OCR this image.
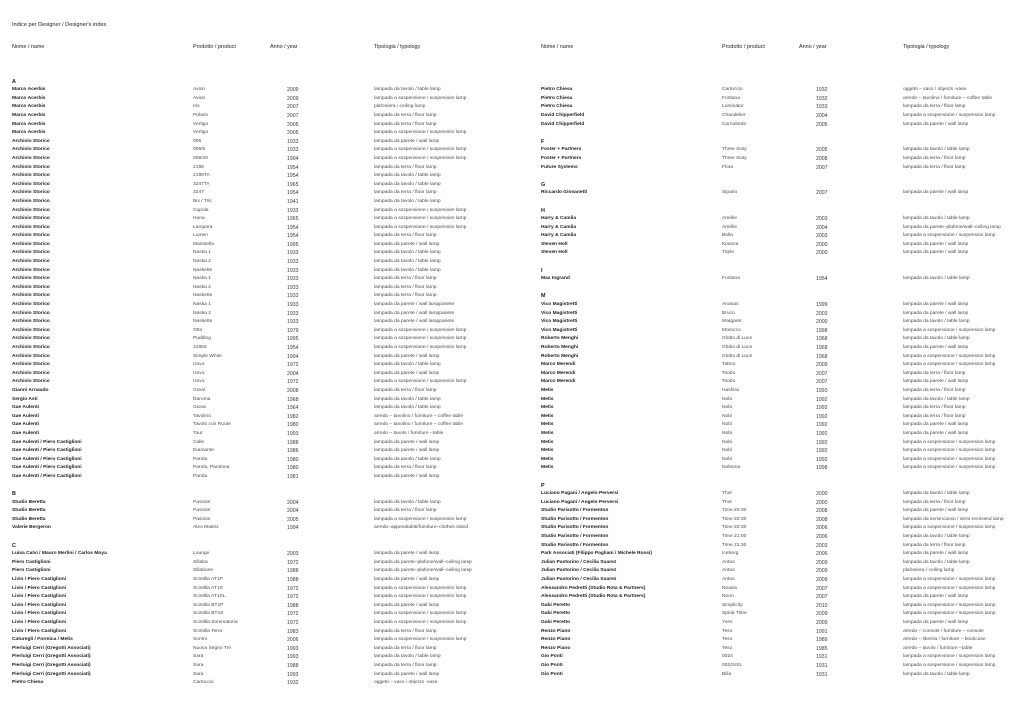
Indice per Designer / Designer's index
Nome / name	Prodotto / product	Anno / year	Tipologia / typology	Nome / name	Prodotto / product	Anno / year	Tipologia / typology
A
Marco Acerbis	Avion	2009	lampada da tavolo / table lamp
Marco Acerbis	Avion	2009	lampada a sospensione / suspension lamp
Marco Acerbis	Iris	2007	plafoniera / ceiling lamp
Marco Acerbis	Polaris	2007	lampada da terra / floor lamp
Marco Acerbis	Vertigo	2005	lampada da terra / floor lamp
Marco Acerbis	Vertigo	2005	lampada a sospensione / suspension lamp
Archivio Storico	006	1933	lampada da parete / wall lamp
Archivio Storico	006/5	1933	lampada a sospensione / suspension lamp
Archivio Storico	006/20	1994	lampada a sospensione / suspension lamp
Archivio Storico	2198	1954	lampada da terra / floor lamp
Archivio Storico	2198TA	1954	lampada da tavolo / table lamp
Archivio Storico	3247TA	1965	lampada da tavolo / table lamp
Archivio Storico	3247	1954	lampada da terra / floor lamp
Archivio Storico	Bis / Tris	1941	lampada da tavolo / table lamp
Archivio Storico	Cupola	1933	lampada a sospensione / suspension lamp
Archivio Storico	Huna	1965	lampada a sospensione / suspension lamp
Archivio Storico	Lampara	1954	lampada a sospensione / suspension lamp
Archivio Storico	Lumen	1954	lampada da terra / floor lamp
Archivio Storico	Maristella	1995	lampada da parete / wall lamp
Archivio Storico	Naska 1	1933	lampada da tavolo / table lamp
Archivio Storico	Naska 2	1933	lampada da tavolo / table lamp
Archivio Storico	Naskette	1933	lampada da tavolo / table lamp
Archivio Storico	Naska 1	1933	lampada da terra / floor lamp
Archivio Storico	Naska 2	1933	lampada da terra / floor lamp
Archivio Storico	Naskette	1933	lampada da terra / floor lamp
Archivio Storico	Naska 1	1933	lampada da parete / wall lamppariete
Archivio Storico	Naska 2	1933	lampada da parete / wall lamppariete
Archivio Storico	Naskette	1933	lampada da parete / wall lamppariete
Archivio Storico	Otto	1979	lampada a sospensione / suspension lamp
Archivio Storico	Pudding	1995	lampada a sospensione / suspension lamp
Archivio Storico	31853	1954	lampada a sospensione / suspension lamp
Archivio Storico	Simple White	1994	lampada da parete / wall lamp
Archivio Storico	Uovo	1972	lampada da tavolo / table lamp
Archivio Storico	Uovo	2004	lampada da parete / wall lamp
Archivio Storico	Uovo	1972	lampada a sospensione / suspension lamp
Gianni Arnaudo	Greal	2008	lampada da terra / floor lamp
Sergio Asti	Daruma	1968	lampada da tavolo / table lamp
Gae Aulenti	Giova	1964	lampada da tavolo / table lamp
Gae Aulenti	Tavolino	1982	arredo – tavolino / furniture – coffee table
Gae Aulenti	Tavolo con Ruote	1980	arredo – tavolino / furniture – coffee table
Gae Aulenti	Tour	1993	arredo – tavolo / furniture –table
Gae Aulenti / Piero Castiglioni	Calle	1988	lampada da parete / wall lamp
Gae Aulenti / Piero Castiglioni	Diamante	1986	lampada da parete / wall lamp
Gae Aulenti / Piero Castiglioni	Parola	1980	lampada da tavolo / table lamp
Gae Aulenti / Piero Castiglioni	Parola, Parolona	1980	lampada da terra / floor lamp
Gae Aulenti / Piero Castiglioni	Parola	1981	lampada da parete / wall lamp
B
Studio Beretta	Passion	2004	lampada da tavolo / table lamp
Studio Beretta	Passion	2004	lampada da terra / floor lamp
Studio Beretta	Passion	2005	lampada a sospensione / suspension lamp
Valerie Bergeron	Aleo Mateix	1994	arredo–appendiabiti/furniture–clothes stand
C
Luisa Calvi / Mauro Merlini / Carlos Moya	Lounge	2003	lampada da parete / wall lamp
Piero Castiglioni	Sillaba	1972	lampada da parete–plafone/wall–ceiling lamp
Piero Castiglioni	Sillabone	1988	lampada da parete–plafone/wall–ceiling lamp
Livio / Piero Castiglioni	Scintilla AT1P	1988	lampada da parete / wall lamp
Livio / Piero Castiglioni	Scintilla AT1S	1972	lampada a sospensione / suspension lamp
Livio / Piero Castiglioni	Scintilla AT1SL	1972	lampada a sospensione / suspension lamp
Livio / Piero Castiglioni	Scintilla BT1P	1988	lampada da parete / wall lamp
Livio / Piero Castiglioni	Scintilla BT1S	1972	lampada a sospensione / suspension lamp
Livio / Piero Castiglioni	Scintilla Sommatoria	1972	lampada a sospensione / suspension lamp
Livio / Piero Castiglioni	Scintilla Terra	1983	lampada da terra / floor lamp
Caturegli / Formica / Metis	Sonmi	2006	lampada a sospensione / suspension lamp
Pierluigi Cerri (Gregotti Associati)	Nuova Segno Tre	1993	lampada da terra / floor lamp
Pierluigi Cerri (Gregotti Associati)	Sara	1993	lampada da tavolo / table lamp
Pierluigi Cerri (Gregotti Associati)	Sara	1988	lampada da terra / floor lamp
Pierluigi Cerri (Gregotti Associati)	Sara	1993	lampada da parete / wall lamp
Pietro Chiesa	Cartoccio	1932	oggetti – vaso / objects -vase
Pietro Chiesa	Cartoccio	1932	oggetti – vaso / objects -vase
Pietro Chiesa	Fontana	1932	arredo – tavolino / furniture – coffee table
Pietro Chiesa	Luminator	1933	lampada da terra / floor lamp
David Chipperfield	Chandelier	2004	lampada a sospensione / suspension lamp
David Chipperfield	Cornubedo	2005	lampada da parete / wall lamp
F
Foster + Partners	Three Sixty	2005	lampada da tavolo / table lamp
Foster + Partners	Three Sixty	2008	lampada da terra / floor lamp
Future Systems	Flora	2007	lampada da terra / floor lamp
G
Riccardo Giovanetti	Sipario	2007	lampada da parete / wall lamp
H
Harry & Camila	Amélie	2003	lampada da tavolo / table lamp
Harry & Camila	Amélie	2004	lampada da parete–plafone/wall–ceiling lamp
Harry & Camila	Bolla	2003	lampada a sospensione / suspension lamp
Steven Holl	Kiasma	2000	lampada da parete / wall lamp
Steven Holl	Triple	2000	lampada da parete / wall lamp
I
Max Ingrand	Fontana	1954	lampada da tavolo / table lamp
M
Vico Magistretti	Ananas	1999	lampada da parete / wall lamp
Vico Magistretti	Bruco	2003	lampada da parete / wall lamp
Vico Magistretti	Margaret	2000	lampada da tavolo / table lamp
Vico Magistretti	Morocco	1998	lampada a sospensione / suspension lamp
Roberto Menghi	Globo di Luce	1968	lampada da tavolo / table lamp
Roberto Menghi	Globo di Luce	1968	lampada da parete / wall lamp
Roberto Menghi	Globo di Luce	1968	lampada a sospensione / suspension lamp
Marco Merendi	Tattoo	2009	lampada a sospensione / suspension lamp
Marco Merendi	Toobo	2007	lampada da terra / floor lamp
Marco Merendi	Toobo	2007	lampada da parete / wall lamp
Metis	Hashira	1993	lampada da terra / floor lamp
Metis	Nobi	1992	lampada da tavolo / table lamp
Metis	Nobi	1992	lampada da terra / floor lamp
Metis	Nobi	1992	lampada da terra / floor lamp
Metis	Nobi	1992	lampada da parete / wall lamp
Metis	Nobi	1992	lampada da parete / wall lamp
Metis	Nobi	1992	lampada a sospensione / suspension lamp
Metis	Nobi	1992	lampada a sospensione / suspension lamp
Metis	Nobi	1992	lampada a sospensione / suspension lamp
Metis	Nobiona	1998	lampada a sospensione / suspension lamp
P
Luciano Pagani / Angelo Perversi	Thor	2000	lampada da tavolo / table lamp
Luciano Pagani / Angelo Perversi	Thor	2000	lampada da terra / floor lamp
Studio Parisotto / Formenton	Time 20:30	2008	lampada da parete / wall lamp
Studio Parisotto / Formenton	Time 20:30	2008	lampada da semincasso / semi-recessed lamp
Studio Parisotto / Formenton	Time 20:30	2006	lampada a sospensione / suspension lamp
Studio Parisotto / Formenton	Time 21:00	2006	lampada da tavolo / table lamp
Studio Parisotto / Formenton	Time 21:30	2003	lampada da terra / floor lamp
Park Associati (Filippo Pagliani / Michele Rossi)	Iceberg	2006	lampada da parete / wall lamp
Julian Pastorino / Cecilia Suarez	Antoo	2009	lampada da tavolo / table lamp
Julian Pastorino / Cecilia Suarez	Antoo	2009	plafoniera / ceiling lamp
Julian Pastorino / Cecilia Suarez	Antoo	2009	lampada a sospensione / suspension lamp
Alessandro Pedretti (Studio Rota & Partners)	Noaxis	2007	lampada a sospensione / suspension lamp
Alessandro Pedretti (Studio Rota & Partners)	Noon	2007	lampada da parete / wall lamp
Gabi Peretto	Simplicity	2010	lampada a sospensione / suspension lamp
Gabi Peretto	Spiral Tribe	2009	lampada a sospensione / suspension lamp
Gabi Peretto	Yves	2009	lampada da parete / wall lamp
Renzo Piano	Teso	1991	arredo – console / furniture – console
Renzo Piano	Teso	1989	arredo – libreria / furniture – bookcase
Renzo Piano	Teso	1985	arredo – tavolo / furniture –table
Gio Ponti	0024	1931	lampada a sospensione / suspension lamp
Gio Ponti	0024XXL	1931	lampada a sospensione / suspension lamp
Gio Ponti	Bilia	1931	lampada da tavolo / table lamp
